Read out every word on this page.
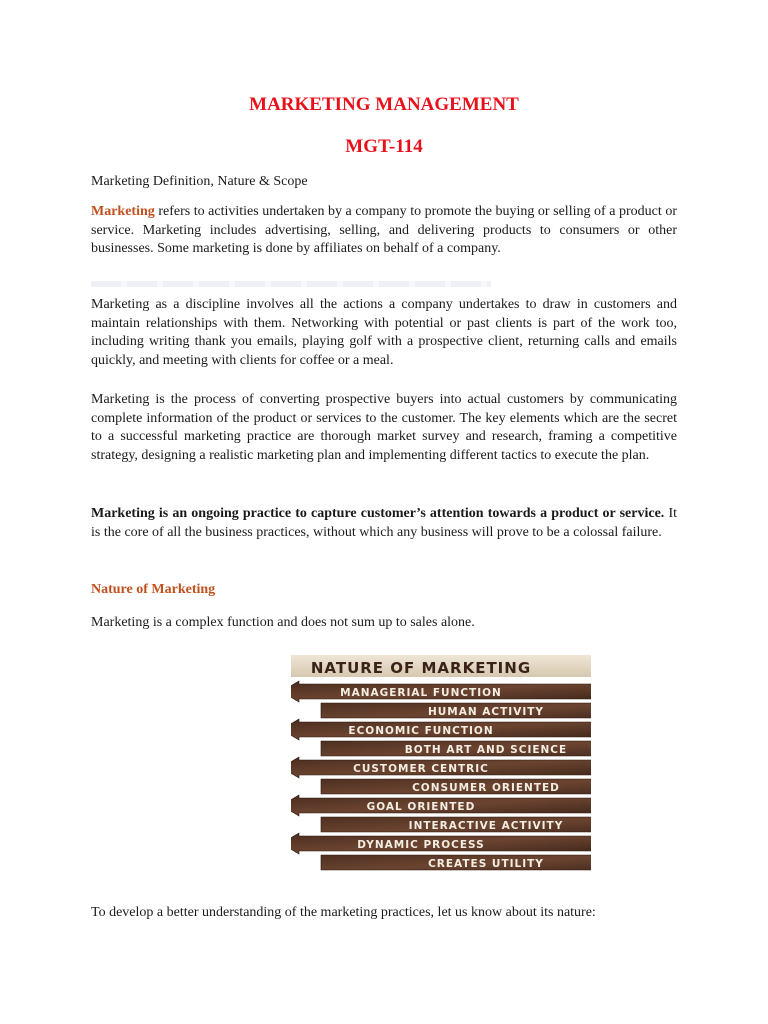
MARKETING MANAGEMENT
MGT-114

Marketing Definition, Nature & Scope

Marketing refers to activities undertaken by a company to promote the buying or selling of a product or service. Marketing includes advertising, selling, and delivering products to consumers or other businesses. Some marketing is done by affiliates on behalf of a company.

Marketing as a discipline involves all the actions a company undertakes to draw in customers and maintain relationships with them. Networking with potential or past clients is part of the work too, including writing thank you emails, playing golf with a prospective client, returning calls and emails quickly, and meeting with clients for coffee or a meal.

Marketing is the process of converting prospective buyers into actual customers by communicating complete information of the product or services to the customer. The key elements which are the secret to a successful marketing practice are thorough market survey and research, framing a competitive strategy, designing a realistic marketing plan and implementing different tactics to execute the plan.

Marketing is an ongoing practice to capture customer’s attention towards a product or service. It is the core of all the business practices, without which any business will prove to be a colossal failure.

Nature of Marketing

Marketing is a complex function and does not sum up to sales alone.

NATURE OF MARKETING
MANAGERIAL FUNCTION
HUMAN ACTIVITY
ECONOMIC FUNCTION
BOTH ART AND SCIENCE
CUSTOMER CENTRIC
CONSUMER ORIENTED
GOAL ORIENTED
INTERACTIVE ACTIVITY
DYNAMIC PROCESS
CREATES UTILITY

To develop a better understanding of the marketing practices, let us know about its nature:
